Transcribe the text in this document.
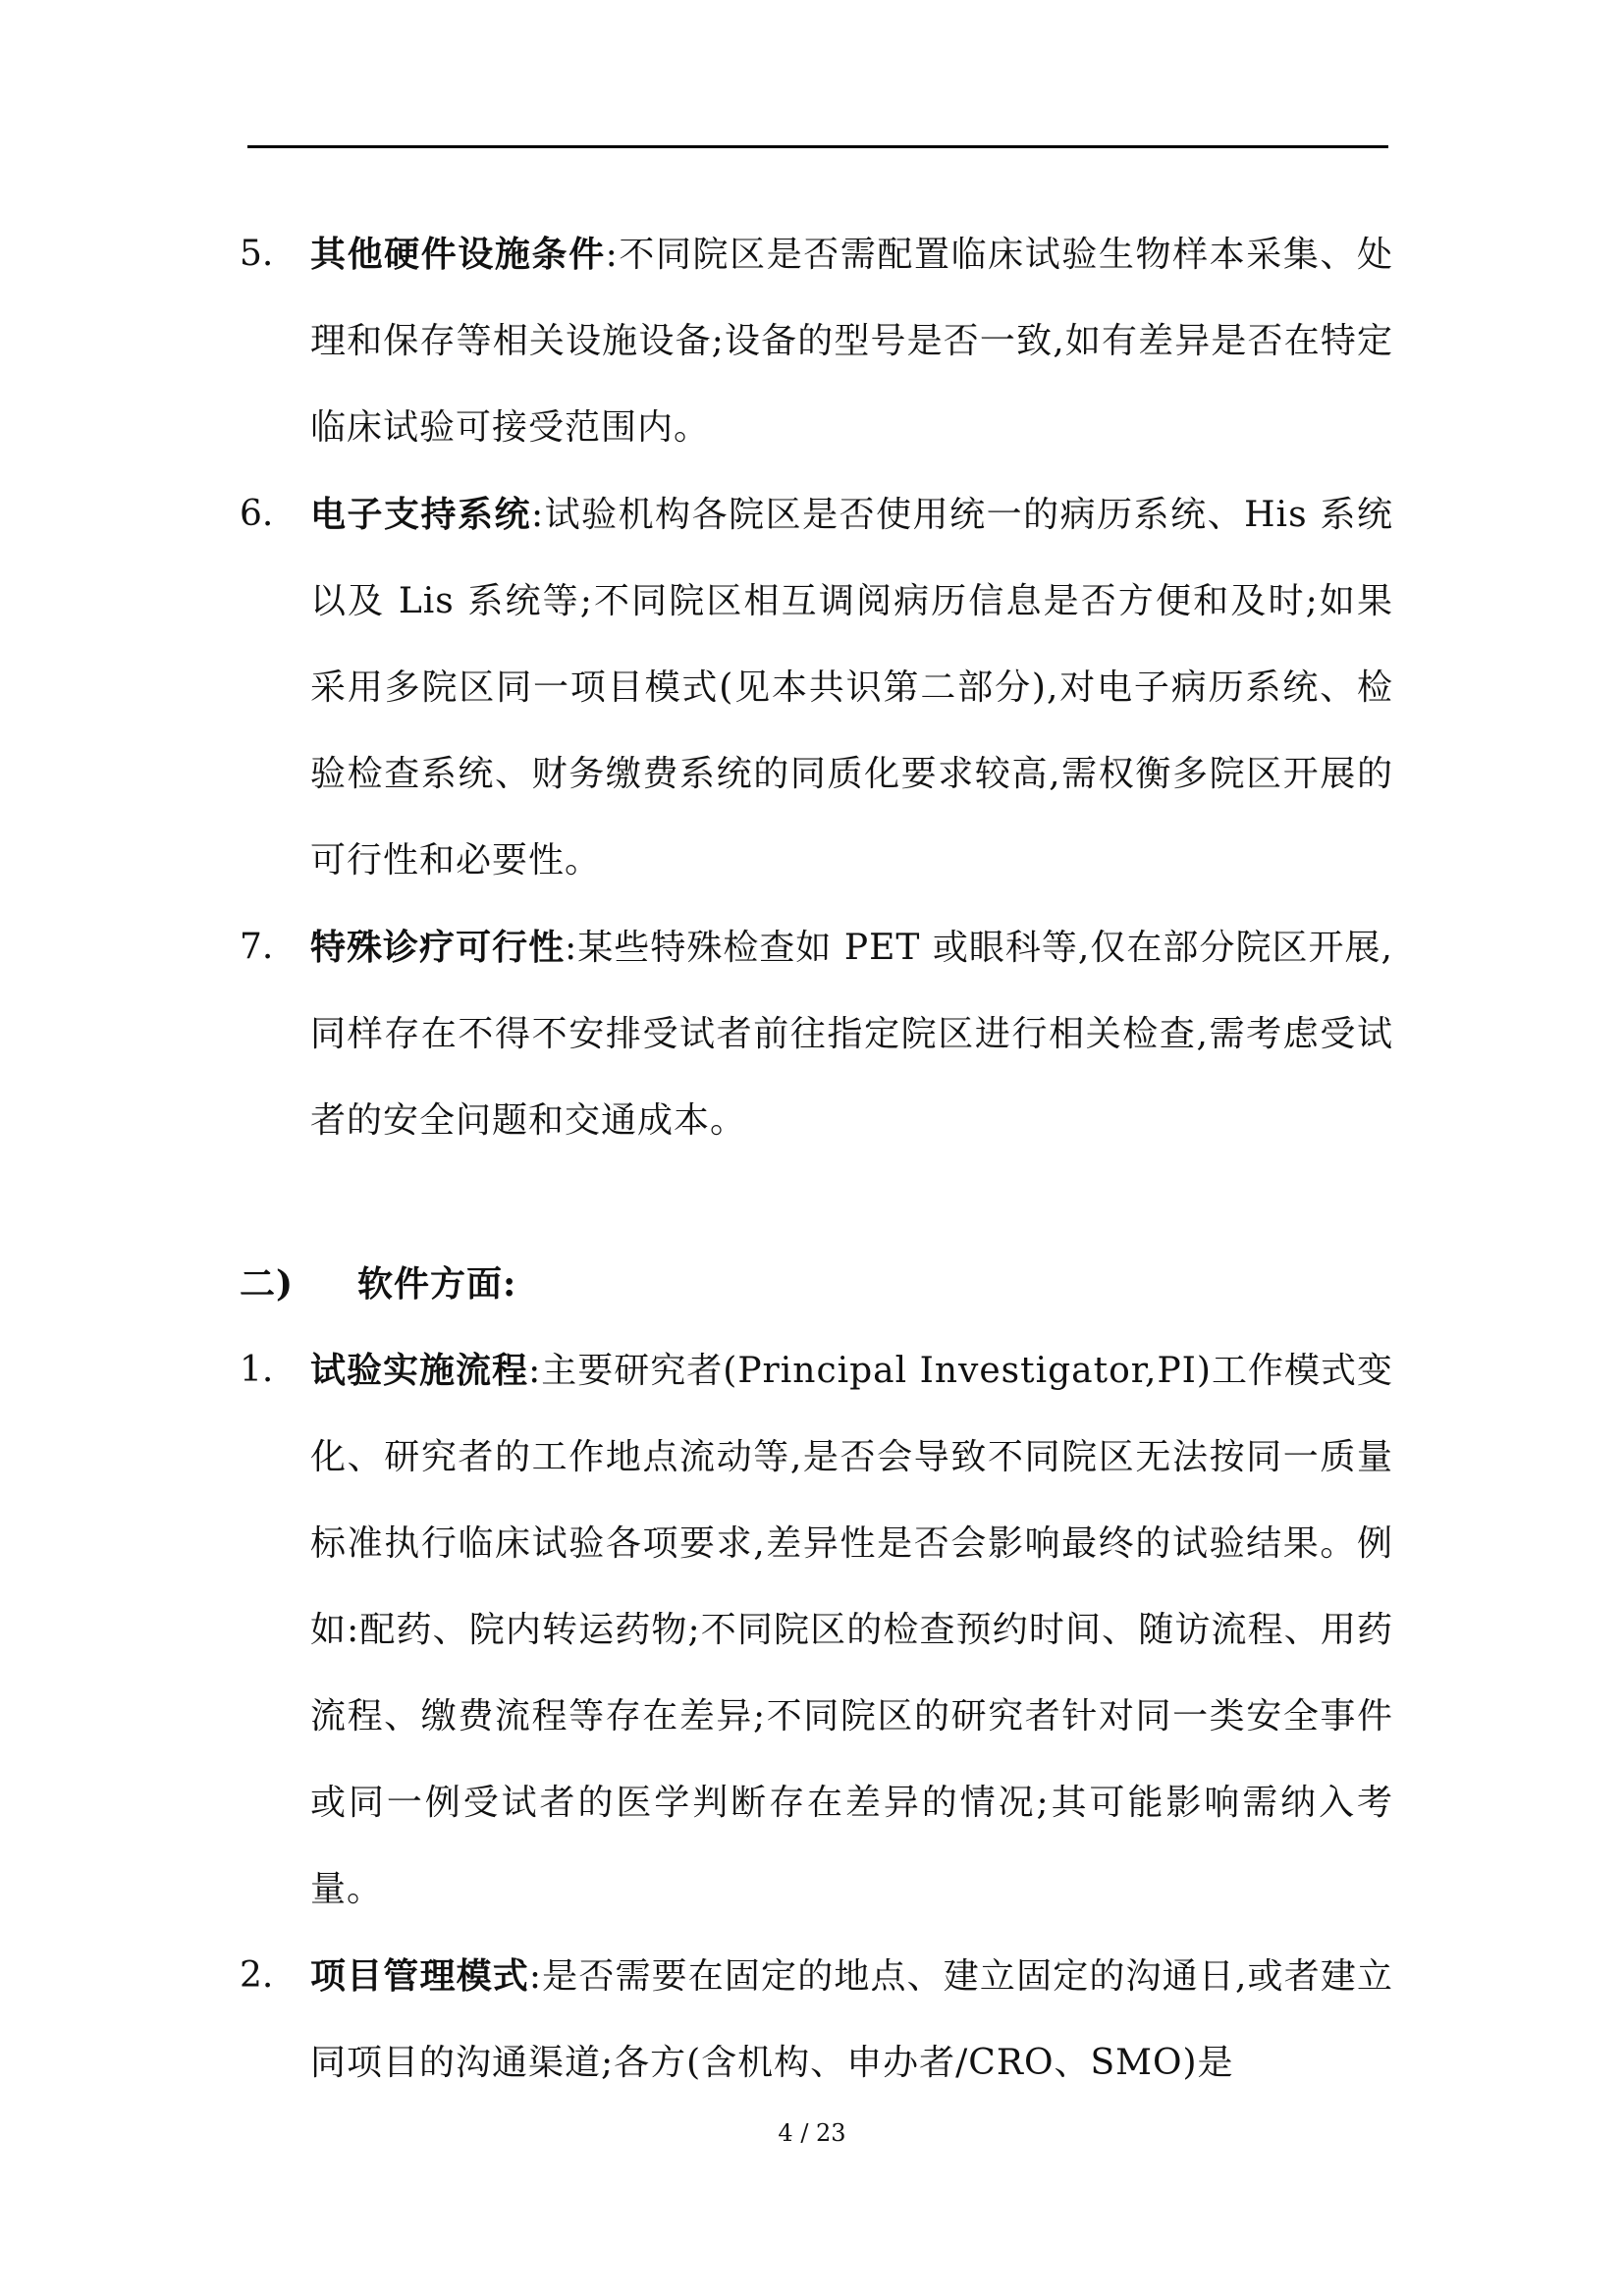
5.	其他硬件设施条件:不同院区是否需配置临床试验生物样本采集、处理和保存等相关设施设备;设备的型号是否一致,如有差异是否在特定临床试验可接受范围内。
6.	电子支持系统:试验机构各院区是否使用统一的病历系统、His 系统以及 Lis 系统等;不同院区相互调阅病历信息是否方便和及时;如果采用多院区同一项目模式(见本共识第二部分),对电子病历系统、检验检查系统、财务缴费系统的同质化要求较高,需权衡多院区开展的可行性和必要性。
7.	特殊诊疗可行性:某些特殊检查如 PET 或眼科等,仅在部分院区开展,同样存在不得不安排受试者前往指定院区进行相关检查,需考虑受试者的安全问题和交通成本。
二)	软件方面:
1.	试验实施流程:主要研究者(Principal Investigator,PI)工作模式变化、研究者的工作地点流动等,是否会导致不同院区无法按同一质量标准执行临床试验各项要求,差异性是否会影响最终的试验结果。例如:配药、院内转运药物;不同院区的检查预约时间、随访流程、用药流程、缴费流程等存在差异;不同院区的研究者针对同一类安全事件或同一例受试者的医学判断存在差异的情况;其可能影响需纳入考量。
2.	项目管理模式:是否需要在固定的地点、建立固定的沟通日,或者建立同项目的沟通渠道;各方(含机构、申办者/CRO、SMO)是
4 / 23
